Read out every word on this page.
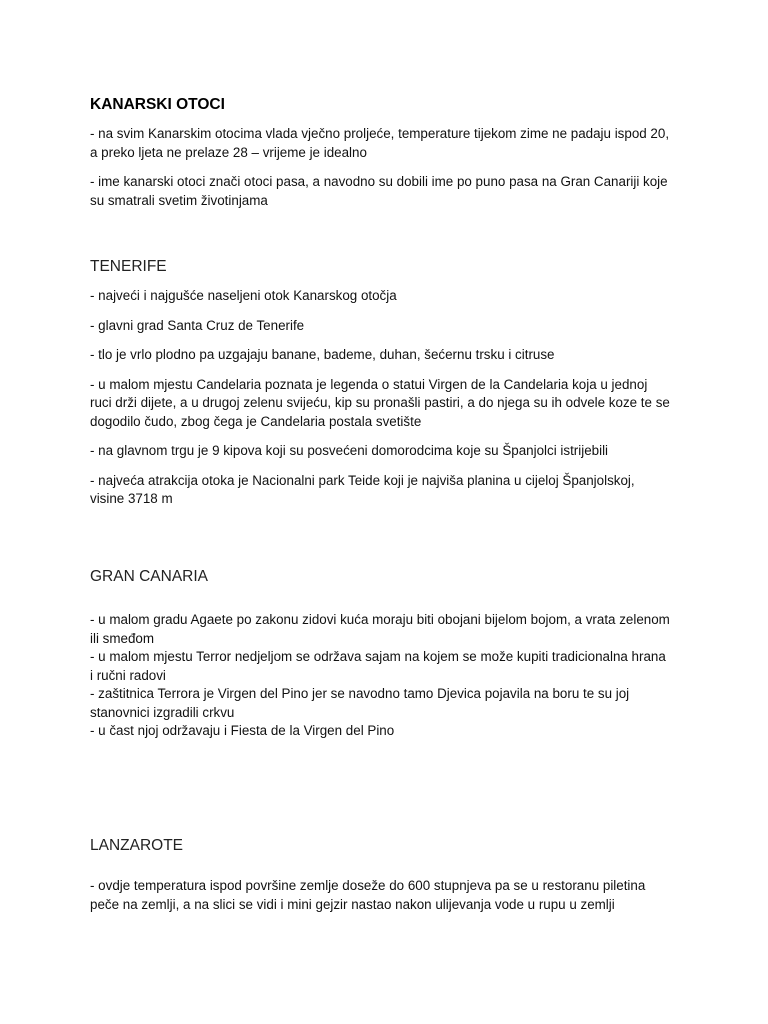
KANARSKI OTOCI

- na svim Kanarskim otocima vlada vječno proljeće, temperature tijekom zime ne padaju ispod 20, a preko ljeta ne prelaze 28 – vrijeme je idealno

- ime kanarski otoci znači otoci pasa, a navodno su dobili ime po puno pasa na Gran Canariji koje su smatrali svetim životinjama

TENERIFE

- najveći i najgušće naseljeni otok Kanarskog otočja

- glavni grad Santa Cruz de Tenerife

- tlo je vrlo plodno pa uzgajaju banane, bademe, duhan, šećernu trsku i citruse

- u malom mjestu Candelaria poznata je legenda o statui Virgen de la Candelaria koja u jednoj ruci drži dijete, a u drugoj zelenu svijeću, kip su pronašli pastiri, a do njega su ih odvele koze te se dogodilo čudo, zbog čega je Candelaria postala svetište

- na glavnom trgu je 9 kipova koji su posvećeni domorodcima koje su Španjolci istrijebili

- najveća atrakcija otoka je Nacionalni park Teide koji je najviša planina u cijeloj Španjolskoj, visine 3718 m

GRAN CANARIA

- u malom gradu Agaete po zakonu zidovi kuća moraju biti obojani bijelom bojom, a vrata zelenom ili smeđom

- u malom mjestu Terror nedjeljom se održava sajam na kojem se može kupiti tradicionalna hrana i ručni radovi

- zaštitnica Terrora je Virgen del Pino jer se navodno tamo Djevica pojavila na boru te su joj stanovnici izgradili crkvu

- u čast njoj održavaju i Fiesta de la Virgen del Pino

LANZAROTE

- ovdje temperatura ispod površine zemlje doseže do 600 stupnjeva pa se u restoranu piletina peče na zemlji, a na slici se vidi i mini gejzir nastao nakon ulijevanja vode u rupu u zemlji
